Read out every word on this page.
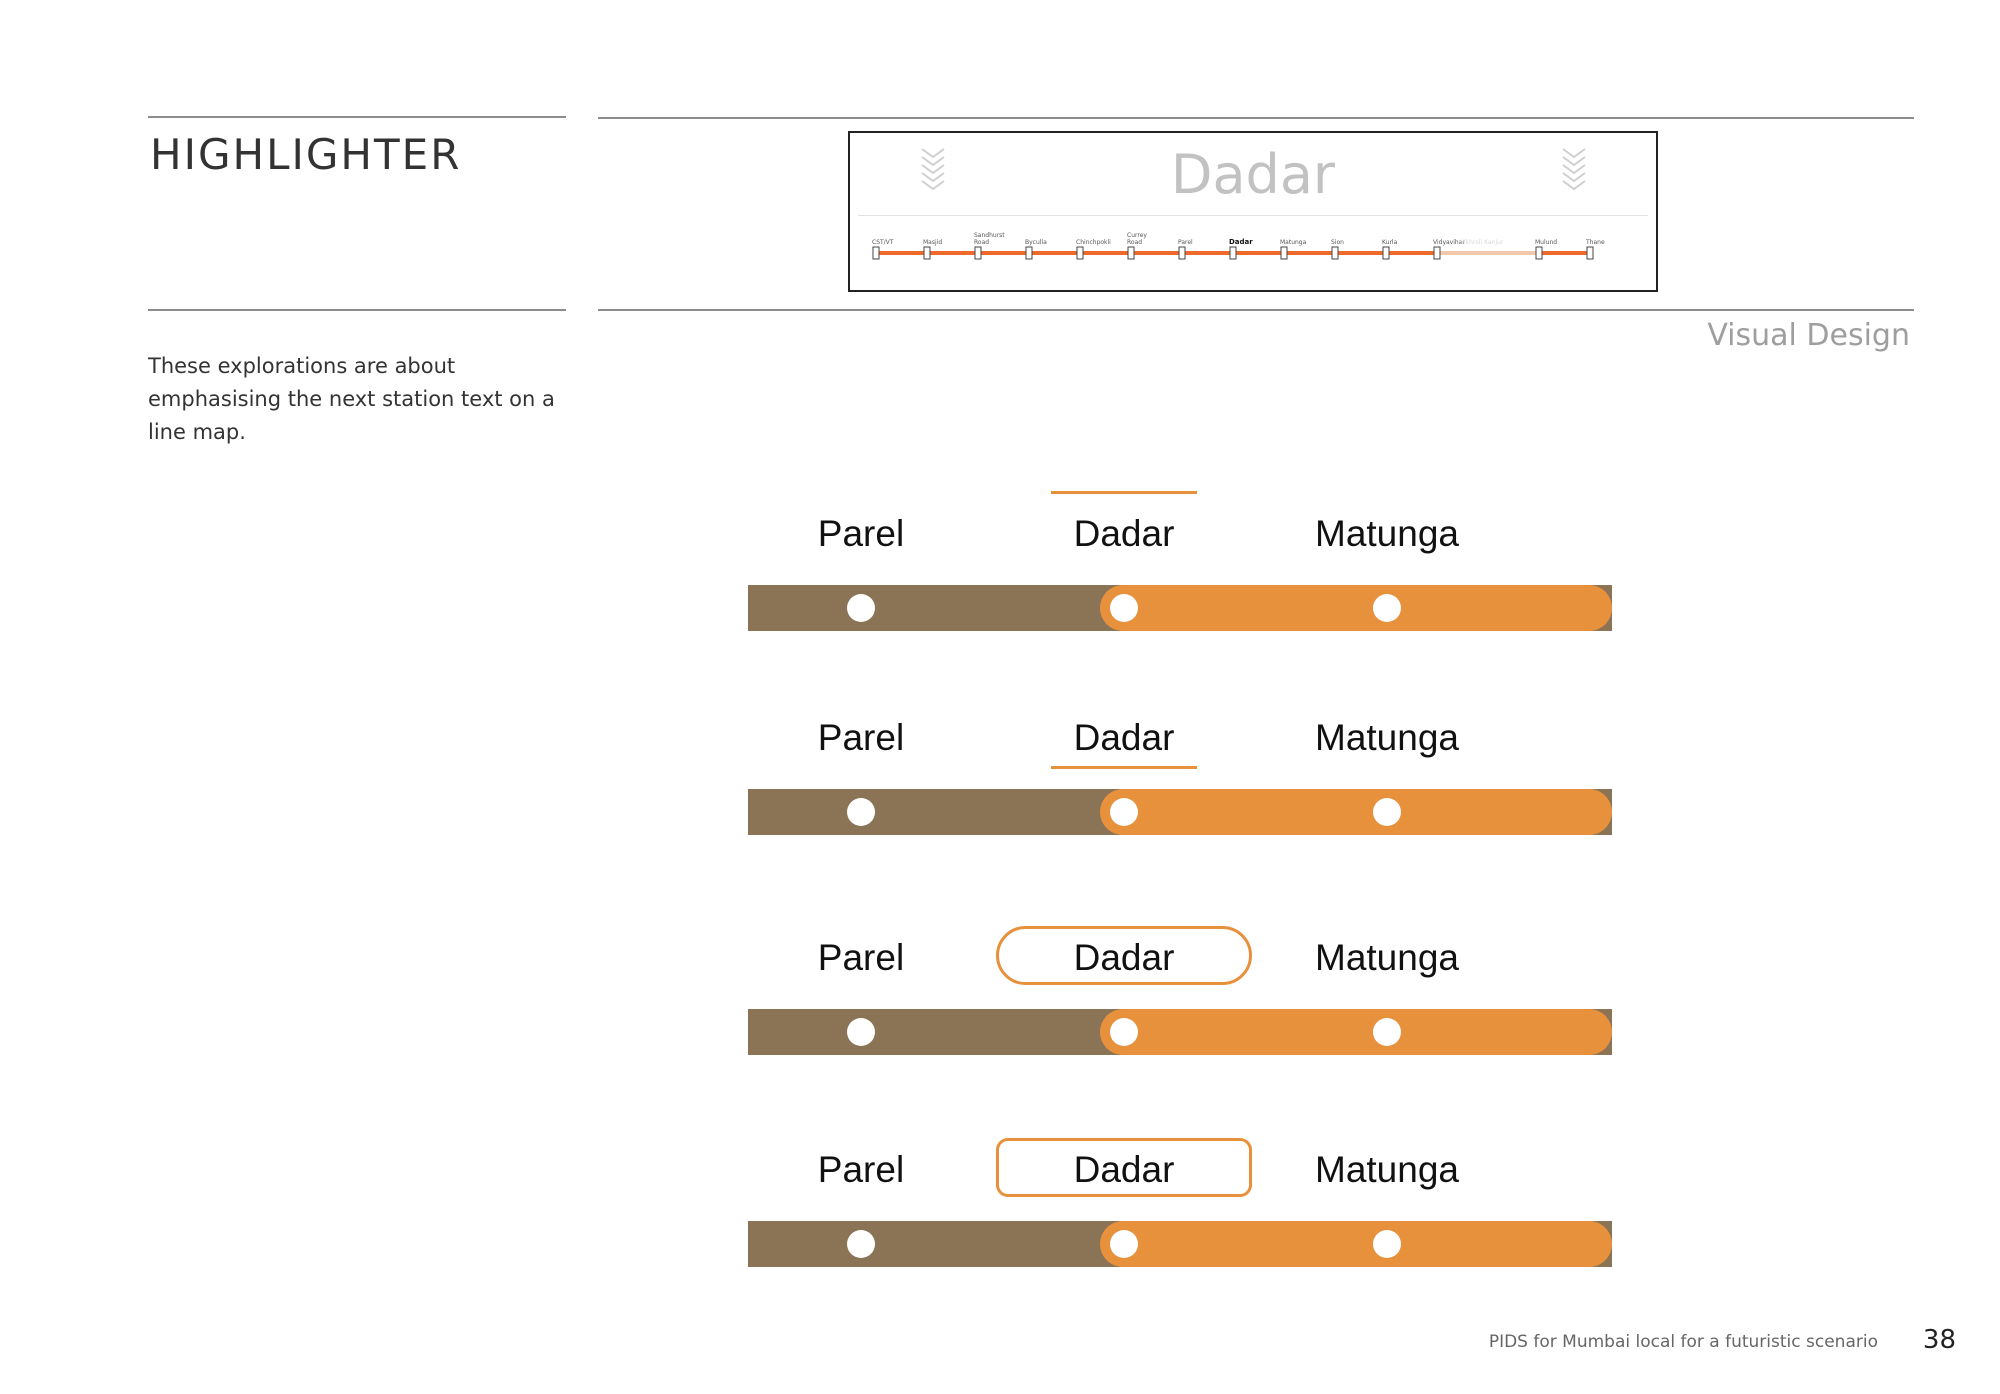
HIGHLIGHTER
These explorations are about emphasising the next station text on a line map.
Visual Design
Dadar
CST/VT	Masjid
Sandhurst
Road	Byculla	Chinchpokli
Currey
Road	Parel	Dadar	Matunga	Sion	Kurla	Vidyavihar
Vikhroli Kanjur	Mulund	Thane
Parel	Dadar	Matunga
Parel	Dadar	Matunga
Parel	Dadar	Matunga
Parel	Dadar	Matunga
PIDS for Mumbai local for a futuristic scenario 38
